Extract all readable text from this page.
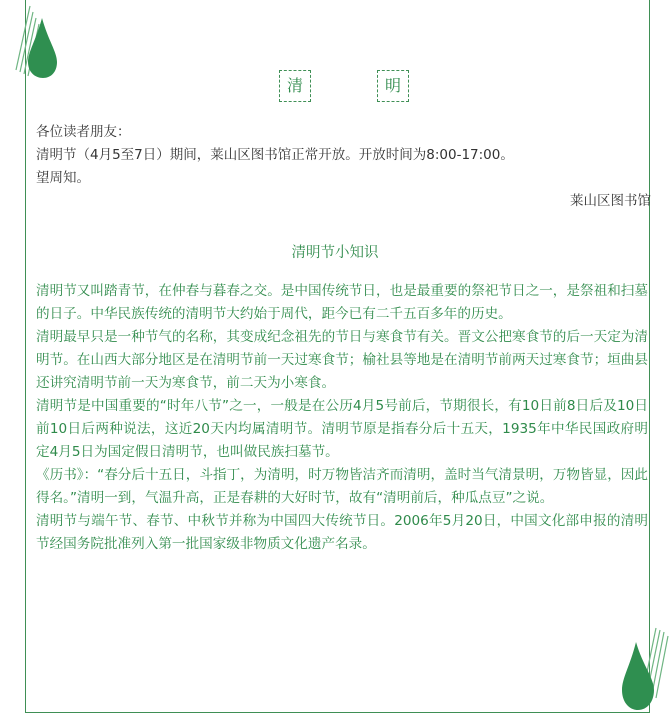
清	明

各位读者朋友：

清明节（4月5至7日）期间，莱山区图书馆正常开放。开放时间为8:00-17:00。

望周知。

莱山区图书馆

清明节小知识

清明节又叫踏青节，在仲春与暮春之交。是中国传统节日，也是最重要的祭祀节日之一，是祭祖和扫墓的日子。中华民族传统的清明节大约始于周代，距今已有二千五百多年的历史。

清明最早只是一种节气的名称，其变成纪念祖先的节日与寒食节有关。晋文公把寒食节的后一天定为清明节。在山西大部分地区是在清明节前一天过寒食节；榆社县等地是在清明节前两天过寒食节；垣曲县还讲究清明节前一天为寒食节，前二天为小寒食。

清明节是中国重要的“时年八节”之一，一般是在公历4月5号前后，节期很长，有10日前8日后及10日前10日后两种说法，这近20天内均属清明节。清明节原是指春分后十五天，1935年中华民国政府明定4月5日为国定假日清明节，也叫做民族扫墓节。

《历书》：“春分后十五日，斗指丁，为清明，时万物皆洁齐而清明，盖时当气清景明，万物皆显，因此得名。”清明一到，气温升高，正是春耕的大好时节，故有“清明前后，种瓜点豆”之说。

清明节与端午节、春节、中秋节并称为中国四大传统节日。2006年5月20日，中国文化部申报的清明节经国务院批准列入第一批国家级非物质文化遗产名录。
